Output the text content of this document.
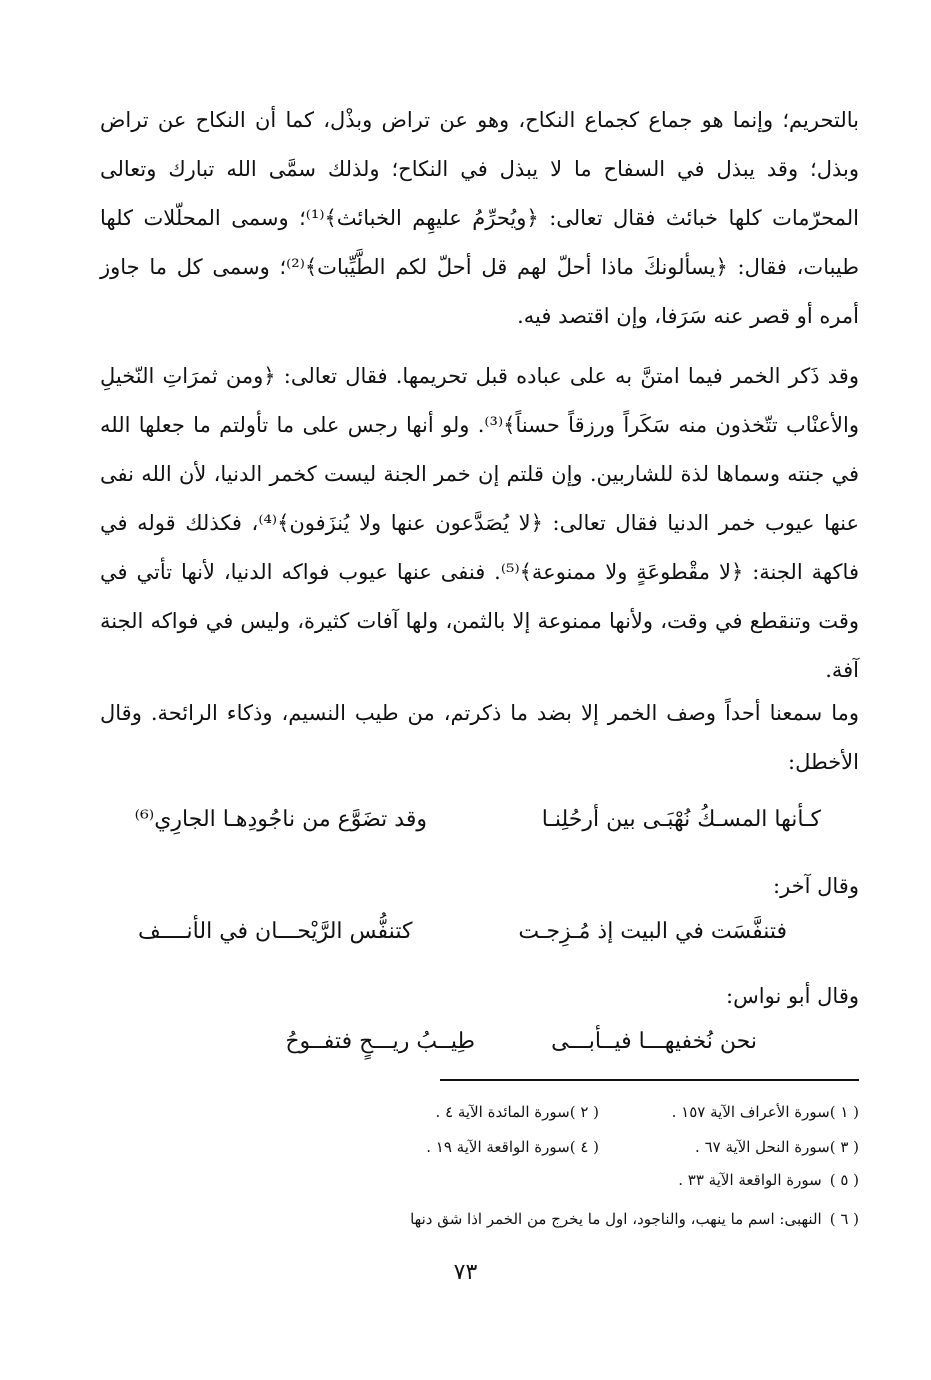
بالتحريم؛ وإنما هو جماع كجماع النكاح، وهو عن تراض وبذْل، كما أن النكاح عن تراض وبذل؛ وقد يبذل في السفاح ما لا يبذل في النكاح؛ ولذلك سمَّى الله تبارك وتعالى المحرّمات كلها خبائث فقال تعالى: ﴿ويُحرِّمُ عليهِم الخبائث﴾⁽¹⁾؛ وسمى المحلّلات كلها طيبات، فقال: ﴿يسألونكَ ماذا أحلّ لهم قل أحلّ لكم الطَّيِّبات﴾⁽²⁾؛ وسمى كل ما جاوز أمره أو قصر عنه سَرَفا، وإن اقتصد فيه.

وقد ذَكر الخمر فيما امتنَّ به على عباده قبل تحريمها. فقال تعالى: ﴿ومن ثمرَاتِ النّخيلِ والأعنْاب تتّخذون منه سَكَراً ورزقاً حسناً﴾⁽³⁾. ولو أنها رجس على ما تأولتم ما جعلها الله في جنته وسماها لذة للشاربين. وإن قلتم إن خمر الجنة ليست كخمر الدنيا، لأن الله نفى عنها عيوب خمر الدنيا فقال تعالى: ﴿لا يُصَدَّعون عنها ولا يُنزَفون﴾⁽⁴⁾، فكذلك قوله في فاكهة الجنة: ﴿لا مقْطوعَةٍ ولا ممنوعة﴾⁽⁵⁾. فنفى عنها عيوب فواكه الدنيا، لأنها تأتي في وقت وتنقطع في وقت، ولأنها ممنوعة إلا بالثمن، ولها آفات كثيرة، وليس في فواكه الجنة آفة.

وما سمعنا أحداً وصف الخمر إلا بضد ما ذكرتم، من طيب النسيم، وذكاء الرائحة. وقال الأخطل:

كـأنها المسـكُ نُهْبَـى بين أرحُلِنـا
وقد تضَوَّع من ناجُودِهـا الجارِي⁽⁶⁾
وقال آخر:
فتنفَّسَت في البيت إذ مُـزِجـت
كتنفُّس الرَّيْحـــان في الأنــــف
وقال أبو نواس:
نحن نُخفيهـــا فيــأبـــى
طِيــبُ ريـــحٍ فتفــوحُ
( ١ )سورة الأعراف الآية ١٥٧ .
( ٢ )سورة المائدة الآية ٤ .
( ٣ )سورة النحل الآية ٦٧ .
( ٤ )سورة الواقعة الآية ١٩ .
( ٥ )سورة الواقعة الآية ٣٣ .
( ٦ )النهبى: اسم ما ينهب، والناجود، اول ما يخرج من الخمر اذا شق دنها
٧٣
